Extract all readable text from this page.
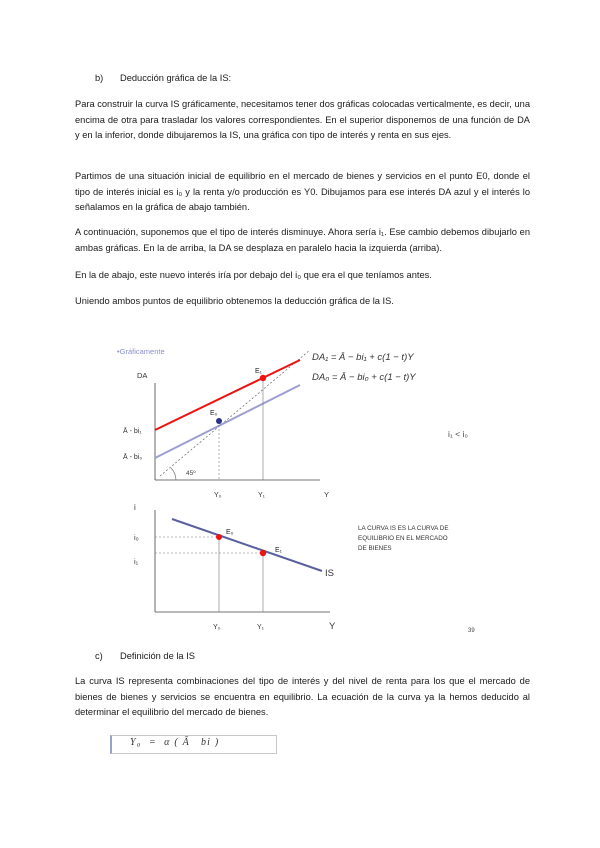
b) Deducción gráfica de la IS:

Para construir la curva IS gráficamente, necesitamos tener dos gráficas colocadas verticalmente, es decir, una encima de otra para trasladar los valores correspondientes. En el superior disponemos de una función de DA y en la inferior, donde dibujaremos la IS, una gráfica con tipo de interés y renta en sus ejes.

Partimos de una situación inicial de equilibrio en el mercado de bienes y servicios en el punto E0, donde el tipo de interés inicial es i₀ y la renta y/o producción es Y0. Dibujamos para ese interés DA azul y el interés lo señalamos en la gráfica de abajo también.

A continuación, suponemos que el tipo de interés disminuye. Ahora sería i₁. Ese cambio debemos dibujarlo en ambas gráficas. En la de arriba, la DA se desplaza en paralelo hacia la izquierda (arriba).

En la de abajo, este nuevo interés iría por debajo del i₀ que era el que teníamos antes.

Uniendo ambos puntos de equilibrio obtenemos la deducción gráfica de la IS.

•Gráficamente
DA
Y
45º
DA₁ = Ā − bi₁ + c(1 − t)Y
DA₀ = Ā − bi₀ + c(1 − t)Y
Ā - bi₁
Ā - bi₀
E₀
E₁
Y₀	Y₁
i₁ < i₀
i
Y
IS
E₀
E₁
i₀
i₁
Y₀	Y₁
LA CURVA IS ES LA CURVA DE
EQUILIBRIO EN EL MERCADO
DE BIENES
39
c) Definición de la IS

La curva IS representa combinaciones del tipo de interés y del nivel de renta para los que el mercado de bienes de bienes y servicios se encuentra en equilibrio. La ecuación de la curva ya la hemos deducido al determinar el equilibrio del mercado de bienes.

Y₀  =  α ( Ā   bi )
